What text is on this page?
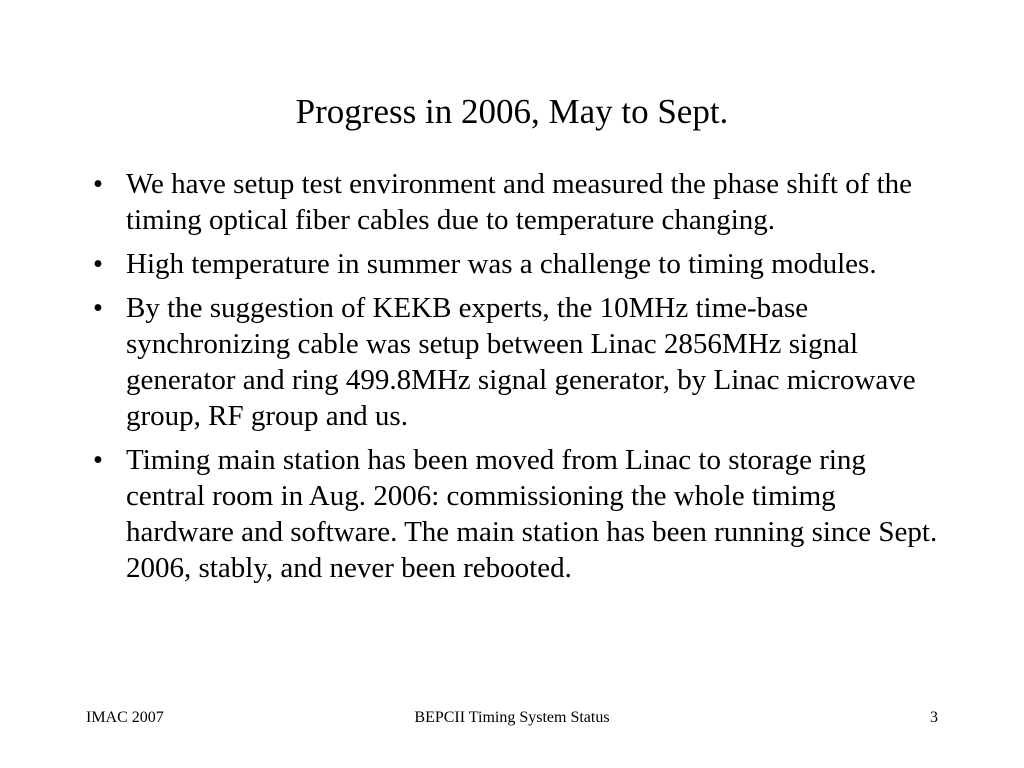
Progress in 2006, May to Sept.
• We have setup test environment and measured the phase shift of the timing optical fiber cables due to temperature changing.
• High temperature in summer was a challenge to timing modules.
• By the suggestion of KEKB experts, the 10MHz time-base synchronizing cable was setup between Linac 2856MHz signal generator and ring 499.8MHz signal generator, by Linac microwave group, RF group and us.
• Timing main station has been moved from Linac to storage ring central room in Aug. 2006: commissioning the whole timimg hardware and software. The main station has been running since Sept. 2006, stably, and never been rebooted.
IMAC 2007	BEPCII Timing System Status	3
